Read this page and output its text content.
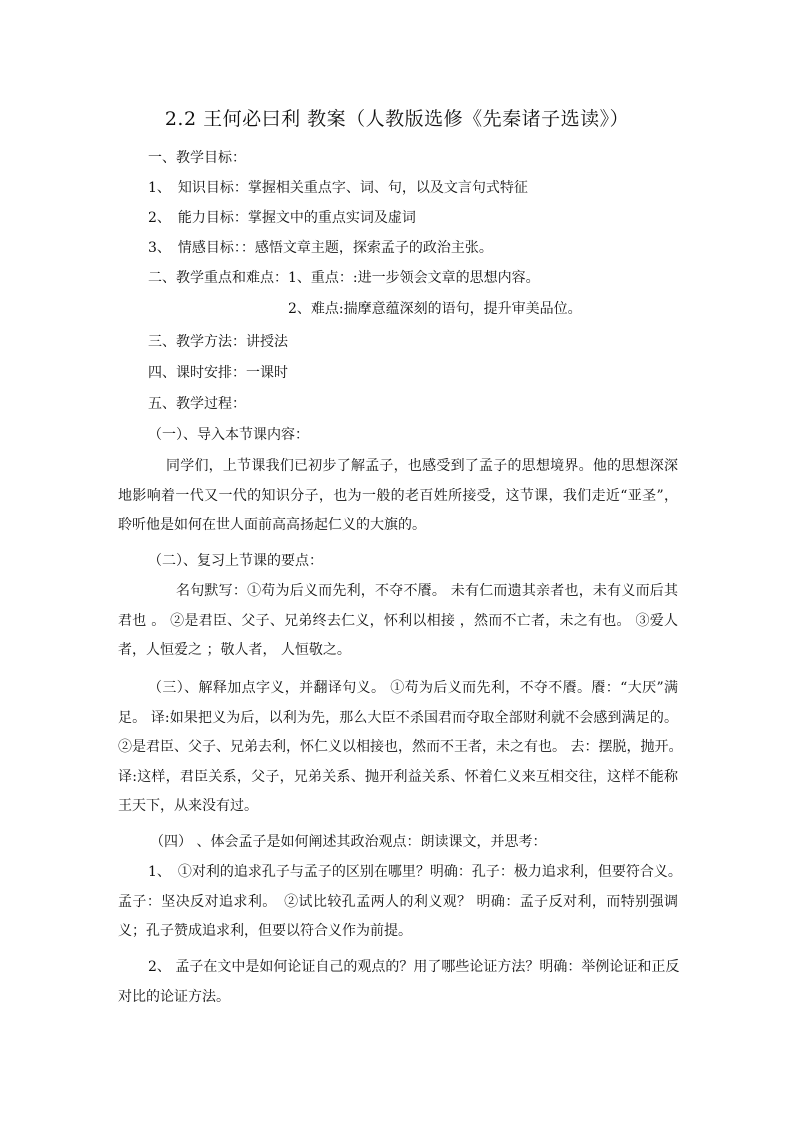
2.2 王何必曰利 教案（人教版选修《先秦诸子选读》）
一、教学目标：
1、　知识目标：掌握相关重点字、词、句，以及文言句式特征
2、　能力目标：掌握文中的重点实词及虚词
3、　情感目标：：感悟文章主题，探索孟子的政治主张。
二、教学重点和难点：1、重点：:进一步领会文章的思想内容。
2、难点:揣摩意蕴深刻的语句，提升审美品位。
三、教学方法：讲授法
四、课时安排：一课时
五、教学过程：
（一）、导入本节课内容：
同学们，上节课我们已初步了解孟子，也感受到了孟子的思想境界。他的思想深深
地影响着一代又一代的知识分子，也为一般的老百姓所接受，这节课，我们走近“亚圣”，
聆听他是如何在世人面前高高扬起仁义的大旗的。
（二）、复习上节课的要点：
名句默写：①苟为后义而先利，不夺不餍。 未有仁而遗其亲者也，未有义而后其
君也 。 ②是君臣、父子、兄弟终去仁义，怀利以相接 ，然而不亡者，未之有也。 ③爱人
者，人恒爱之 ；敬人者， 人恒敬之。
（三）、解释加点字义，并翻译句义。 ①苟为后义而先利，不夺不餍。餍：“大厌”满
足。 译:如果把义为后，以利为先，那么大臣不杀国君而夺取全部财利就不会感到满足的。
②是君臣、父子、兄弟去利，怀仁义以相接也，然而不王者，未之有也。 去：摆脱，抛开。
译:这样，君臣关系，父子，兄弟关系、抛开利益关系、怀着仁义来互相交往，这样不能称
王天下，从来没有过。
（四） 、体会孟子是如何阐述其政治观点：朗读课文，并思考：
1、　①对利的追求孔子与孟子的区别在哪里？明确：孔子：极力追求利，但要符合义。
孟子：坚决反对追求利。　②试比较孔孟两人的利义观？ 明确：孟子反对利，而特别强调
义；孔子赞成追求利，但要以符合义作为前提。
2、 孟子在文中是如何论证自己的观点的？用了哪些论证方法？明确：举例论证和正反
对比的论证方法。
